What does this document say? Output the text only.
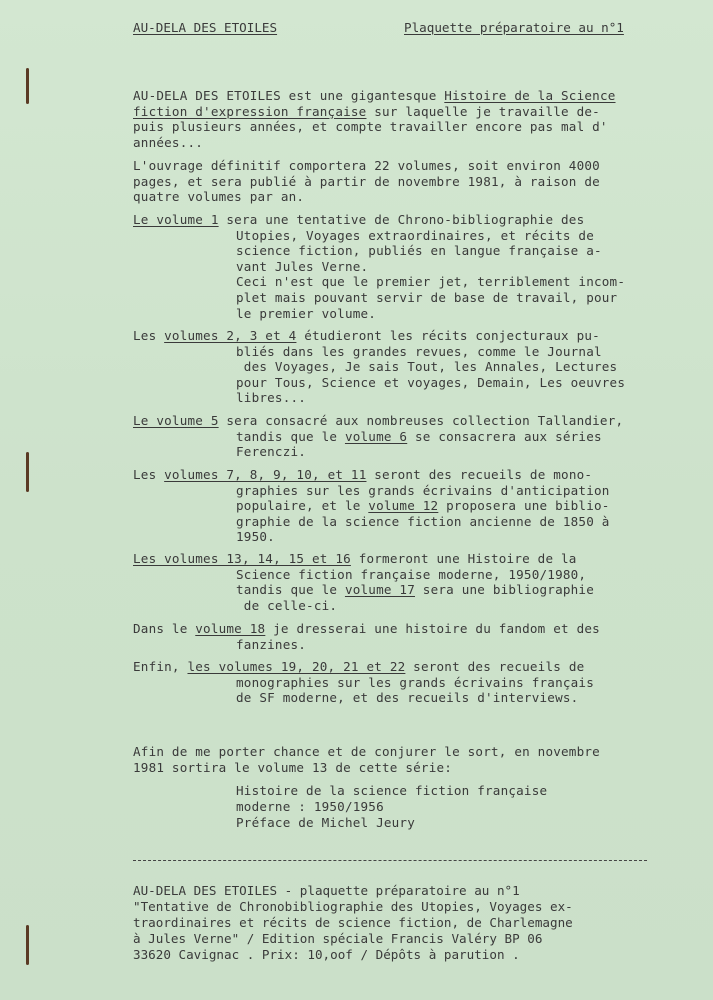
AU-DELA DES ETOILES	Plaquette préparatoire au n°1
AU-DELA DES ETOILES est une gigantesque Histoire de la Science
fiction d'expression française sur laquelle je travaille de-
puis plusieurs années, et compte travailler encore pas mal d'
années...
L'ouvrage définitif comportera 22 volumes, soit environ 4000
pages, et sera publié à partir de novembre 1981, à raison de
quatre volumes par an.
Le volume 1 sera une tentative de Chrono-bibliographie des
Utopies, Voyages extraordinaires, et récits de
science fiction, publiés en langue française a-
vant Jules Verne.
Ceci n'est que le premier jet, terriblement incom-
plet mais pouvant servir de base de travail, pour
le premier volume.
Les volumes 2, 3 et 4 étudieront les récits conjecturaux pu-
bliés dans les grandes revues, comme le Journal
des Voyages, Je sais Tout, les Annales, Lectures
pour Tous, Science et voyages, Demain, Les oeuvres
libres...
Le volume 5 sera consacré aux nombreuses collection Tallandier,
tandis que le volume 6 se consacrera aux séries
Ferenczi.
Les volumes 7, 8, 9, 10, et 11 seront des recueils de mono-
graphies sur les grands écrivains d'anticipation
populaire, et le volume 12 proposera une biblio-
graphie de la science fiction ancienne de 1850 à
1950.
Les volumes 13, 14, 15 et 16 formeront une Histoire de la
Science fiction française moderne, 1950/1980,
tandis que le volume 17 sera une bibliographie
de celle-ci.
Dans le volume 18 je dresserai une histoire du fandom et des
fanzines.
Enfin, les volumes 19, 20, 21 et 22 seront des recueils de
monographies sur les grands écrivains français
de SF moderne, et des recueils d'interviews.
Afin de me porter chance et de conjurer le sort, en novembre
1981 sortira le volume 13 de cette série:
Histoire de la science fiction française
moderne : 1950/1956
Préface de Michel Jeury
AU-DELA DES ETOILES - plaquette préparatoire au n°1
"Tentative de Chronobibliographie des Utopies, Voyages ex-
traordinaires et récits de science fiction, de Charlemagne
à Jules Verne" / Edition spéciale Francis Valéry BP 06
33620 Cavignac . Prix: 10,oof / Dépôts à parution .
